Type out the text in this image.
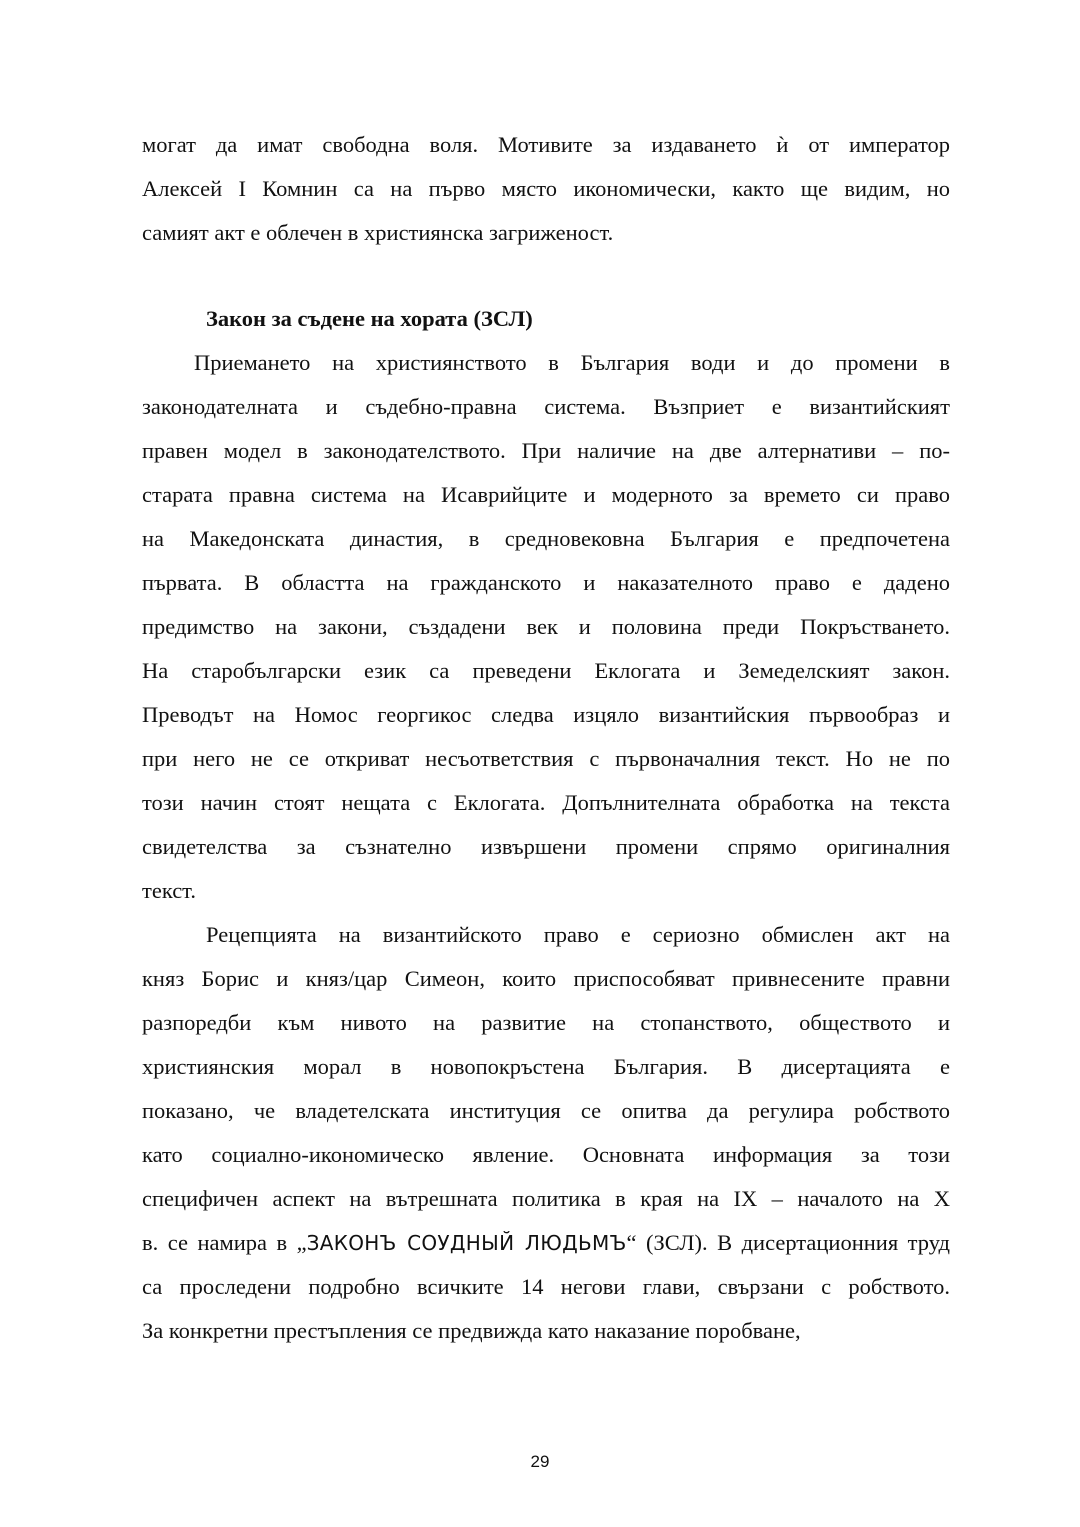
могат да имат свободна воля. Мотивите за издаването ѝ от император

Алексей I Комнин са на първо място икономически, както ще видим, но

самият акт е облечен в християнска загриженост.

Закон за съдене на хората (ЗСЛ)

Приемането на християнството в България води и до промени в

законодателната и съдебно-правна система. Възприет е византийският

правен модел в законодателството. При наличие на две алтернативи – по-

старата правна система на Исаврийците и модерното за времето си право

на Македонската династия, в средновековна България е предпочетена

първата. В областта на гражданското и наказателното право е дадено

предимство на закони, създадени век и половина преди Покръстването.

На старобългарски език са преведени Еклогата и Земеделският закон.

Преводът на Номос георгикос следва изцяло византийския първообраз и

при него не се откриват несъответствия с първоначалния текст. Но не по

този начин стоят нещата с Еклогата. Допълнителната обработка на текста

свидетелства за съзнателно извършени промени спрямо оригиналния

текст.

Рецепцията на византийското право е сериозно обмислен акт на

княз Борис и княз/цар Симеон, които приспособяват привнесените правни

разпоредби към нивото на развитие на стопанството, обществото и

християнския морал в новопокръстена България. В дисертацията е

показано, че владетелската институция се опитва да регулира робството

като социално-икономическо явление. Основната информация за този

специфичен аспект на вътрешната политика в края на IX – началото на X

в. се намира в „ЗАКОНЪ СОУДНЫЙ ЛЮДЬМЪ“ (ЗСЛ). В дисертационния труд

са проследени подробно всичките 14 негови глави, свързани с робството.

За конкретни престъпления се предвижда като наказание поробване,

29
